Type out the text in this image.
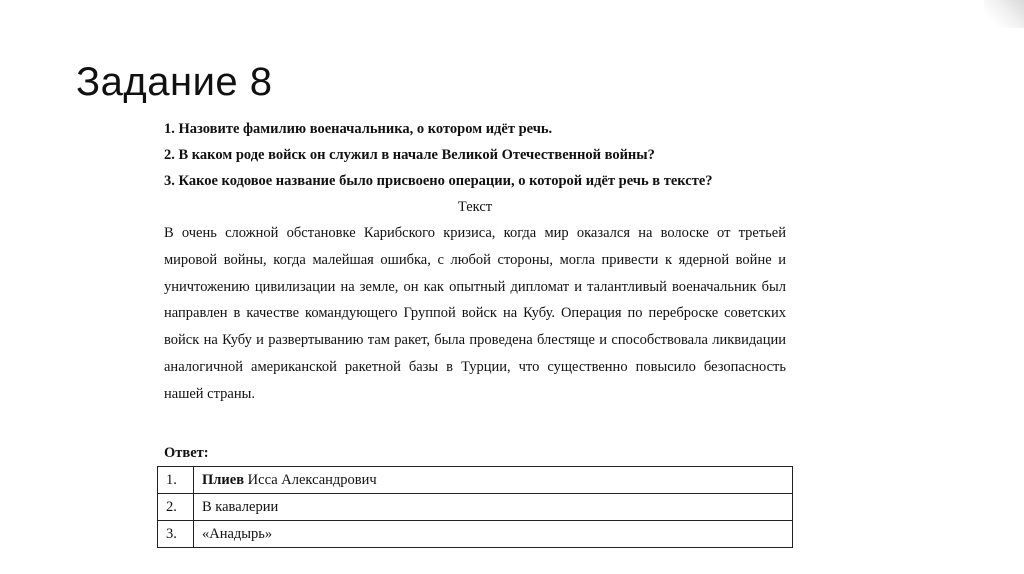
Задание 8

1. Назовите фамилию военачальника, о котором идёт речь.

2. В каком роде войск он служил в начале Великой Отечественной войны?

3. Какое кодовое название было присвоено операции, о которой идёт речь в тексте?

Текст

В очень сложной обстановке Карибского кризиса, когда мир оказался на волоске от третьей мировой войны, когда малейшая ошибка, с любой стороны, могла привести к ядерной войне и уничтожению цивилизации на земле, он как опытный дипломат и талантливый военачальник был направлен в качестве командующего Группой войск на Кубу. Операция по переброске советских войск на Кубу и развертыванию там ракет, была проведена блестяще и способствовала ликвидации аналогичной американской ракетной базы в Турции, что существенно повысило безопасность нашей страны.

Ответ:

1.	Плиев Исса Александрович
2.	В кавалерии
3.	«Анадырь»
